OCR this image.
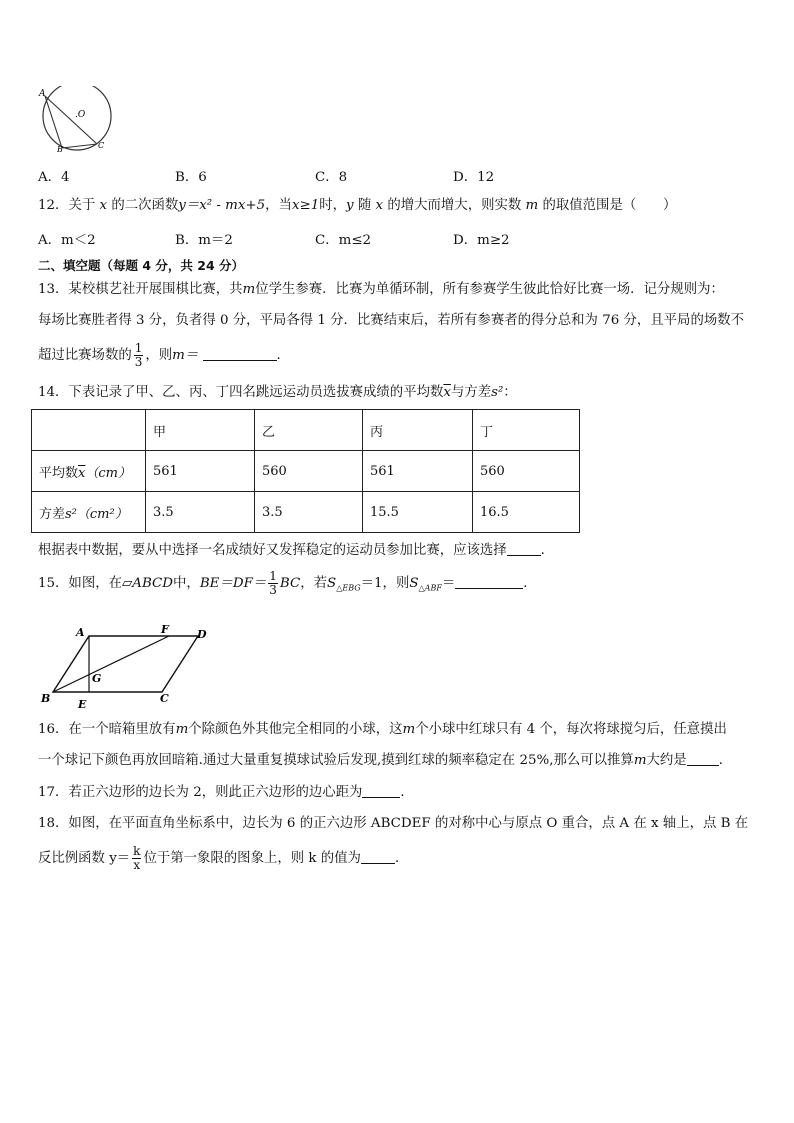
A
.O
B	C
A．4	B．6	C．8	D．12
12．关于 x 的二次函数y＝x² - mx+5，当x≥1时，y 随 x 的增大而增大，则实数 m 的取值范围是（　　）
A．m＜2	B．m＝2	C．m≤2	D．m≥2
二、填空题（每题 4 分，共 24 分）
13．某校棋艺社开展围棋比赛，共m位学生参赛．比赛为单循环制，所有参赛学生彼此恰好比赛一场．记分规则为：
每场比赛胜者得 3 分，负者得 0 分，平局各得 1 分．比赛结束后，若所有参赛者的得分总和为 76 分，且平局的场数不
超过比赛场数的 $\frac{1}{3}$ ，则m＝	．
14．下表记录了甲、乙、丙、丁四名跳远运动员选拔赛成绩的平均数$\overline{x}$与方差s²：
	甲	乙	丙	丁
平均数$\overline{x}(cm)$	561	560	561	560
方差s²（cm²）	3.5	3.5	15.5	16.5
根据表中数据，要从中选择一名成绩好又发挥稳定的运动员参加比赛，应该选择	．
15．如图，在▱ABCD中，$BE=DF= \frac{1}{3}$ BC，若$S_{\triangle EBG}=1$，则$S_{\triangle ABF}=$	．
A	F	D
B
G
C
E
16．在一个暗箱里放有m个除颜色外其他完全相同的小球，这m个小球中红球只有 4 个，每次将球搅匀后，任意摸出
一个球记下颜色再放回暗箱.通过大量重复摸球试验后发现,摸到红球的频率稳定在 25%,那么可以推算m大约是 ．
17．若正六边形的边长为 2，则此正六边形的边心距为	．
18．如图，在平面直角坐标系中，边长为 6 的正六边形 ABCDEF 的对称中心与原点 O 重合，点 A 在 x 轴上，点 B 在
反比例函数 $y= \frac{k}{x}$ 位于第一象限的图象上，则 k 的值为	．
